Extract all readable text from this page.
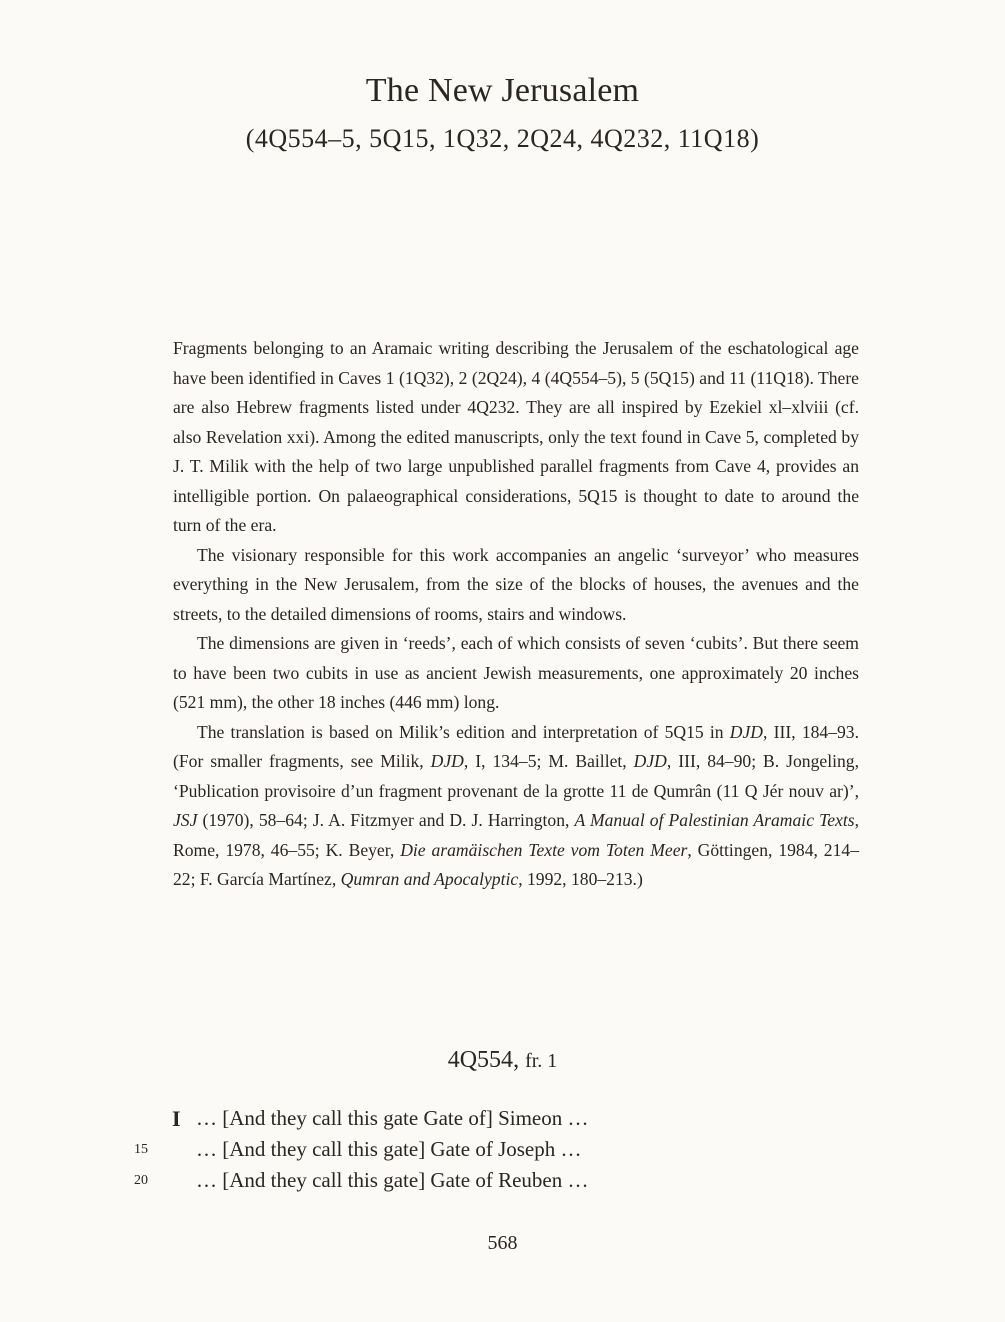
The New Jerusalem
(4Q554–5, 5Q15, 1Q32, 2Q24, 4Q232, 11Q18)

Fragments belonging to an Aramaic writing describing the Jerusalem of the eschatological age have been identified in Caves 1 (1Q32), 2 (2Q24), 4 (4Q554–5), 5 (5Q15) and 11 (11Q18). There are also Hebrew fragments listed under 4Q232. They are all inspired by Ezekiel xl–xlviii (cf. also Revelation xxi). Among the edited manuscripts, only the text found in Cave 5, completed by J. T. Milik with the help of two large unpublished parallel fragments from Cave 4, provides an intelligible portion. On palaeographical considerations, 5Q15 is thought to date to around the turn of the era.

The visionary responsible for this work accompanies an angelic ‘surveyor’ who measures everything in the New Jerusalem, from the size of the blocks of houses, the avenues and the streets, to the detailed dimensions of rooms, stairs and windows.

The dimensions are given in ‘reeds’, each of which consists of seven ‘cubits’. But there seem to have been two cubits in use as ancient Jewish measurements, one approximately 20 inches (521 mm), the other 18 inches (446 mm) long.

The translation is based on Milik’s edition and interpretation of 5Q15 in DJD, III, 184–93. (For smaller fragments, see Milik, DJD, I, 134–5; M. Baillet, DJD, III, 84–90; B. Jongeling, ‘Publication provisoire d’un fragment provenant de la grotte 11 de Qumrân (11 Q Jér nouv ar)’, JSJ (1970), 58–64; J. A. Fitzmyer and D. J. Harrington, A Manual of Palestinian Aramaic Texts, Rome, 1978, 46–55; K. Beyer, Die aramäischen Texte vom Toten Meer, Göttingen, 1984, 214–22; F. García Martínez, Qumran and Apocalyptic, 1992, 180–213.)

4Q554, fr. 1
I … [And they call this gate Gate of] Simeon …
15	… [And they call this gate] Gate of Joseph …
20	… [And they call this gate] Gate of Reuben …
568
